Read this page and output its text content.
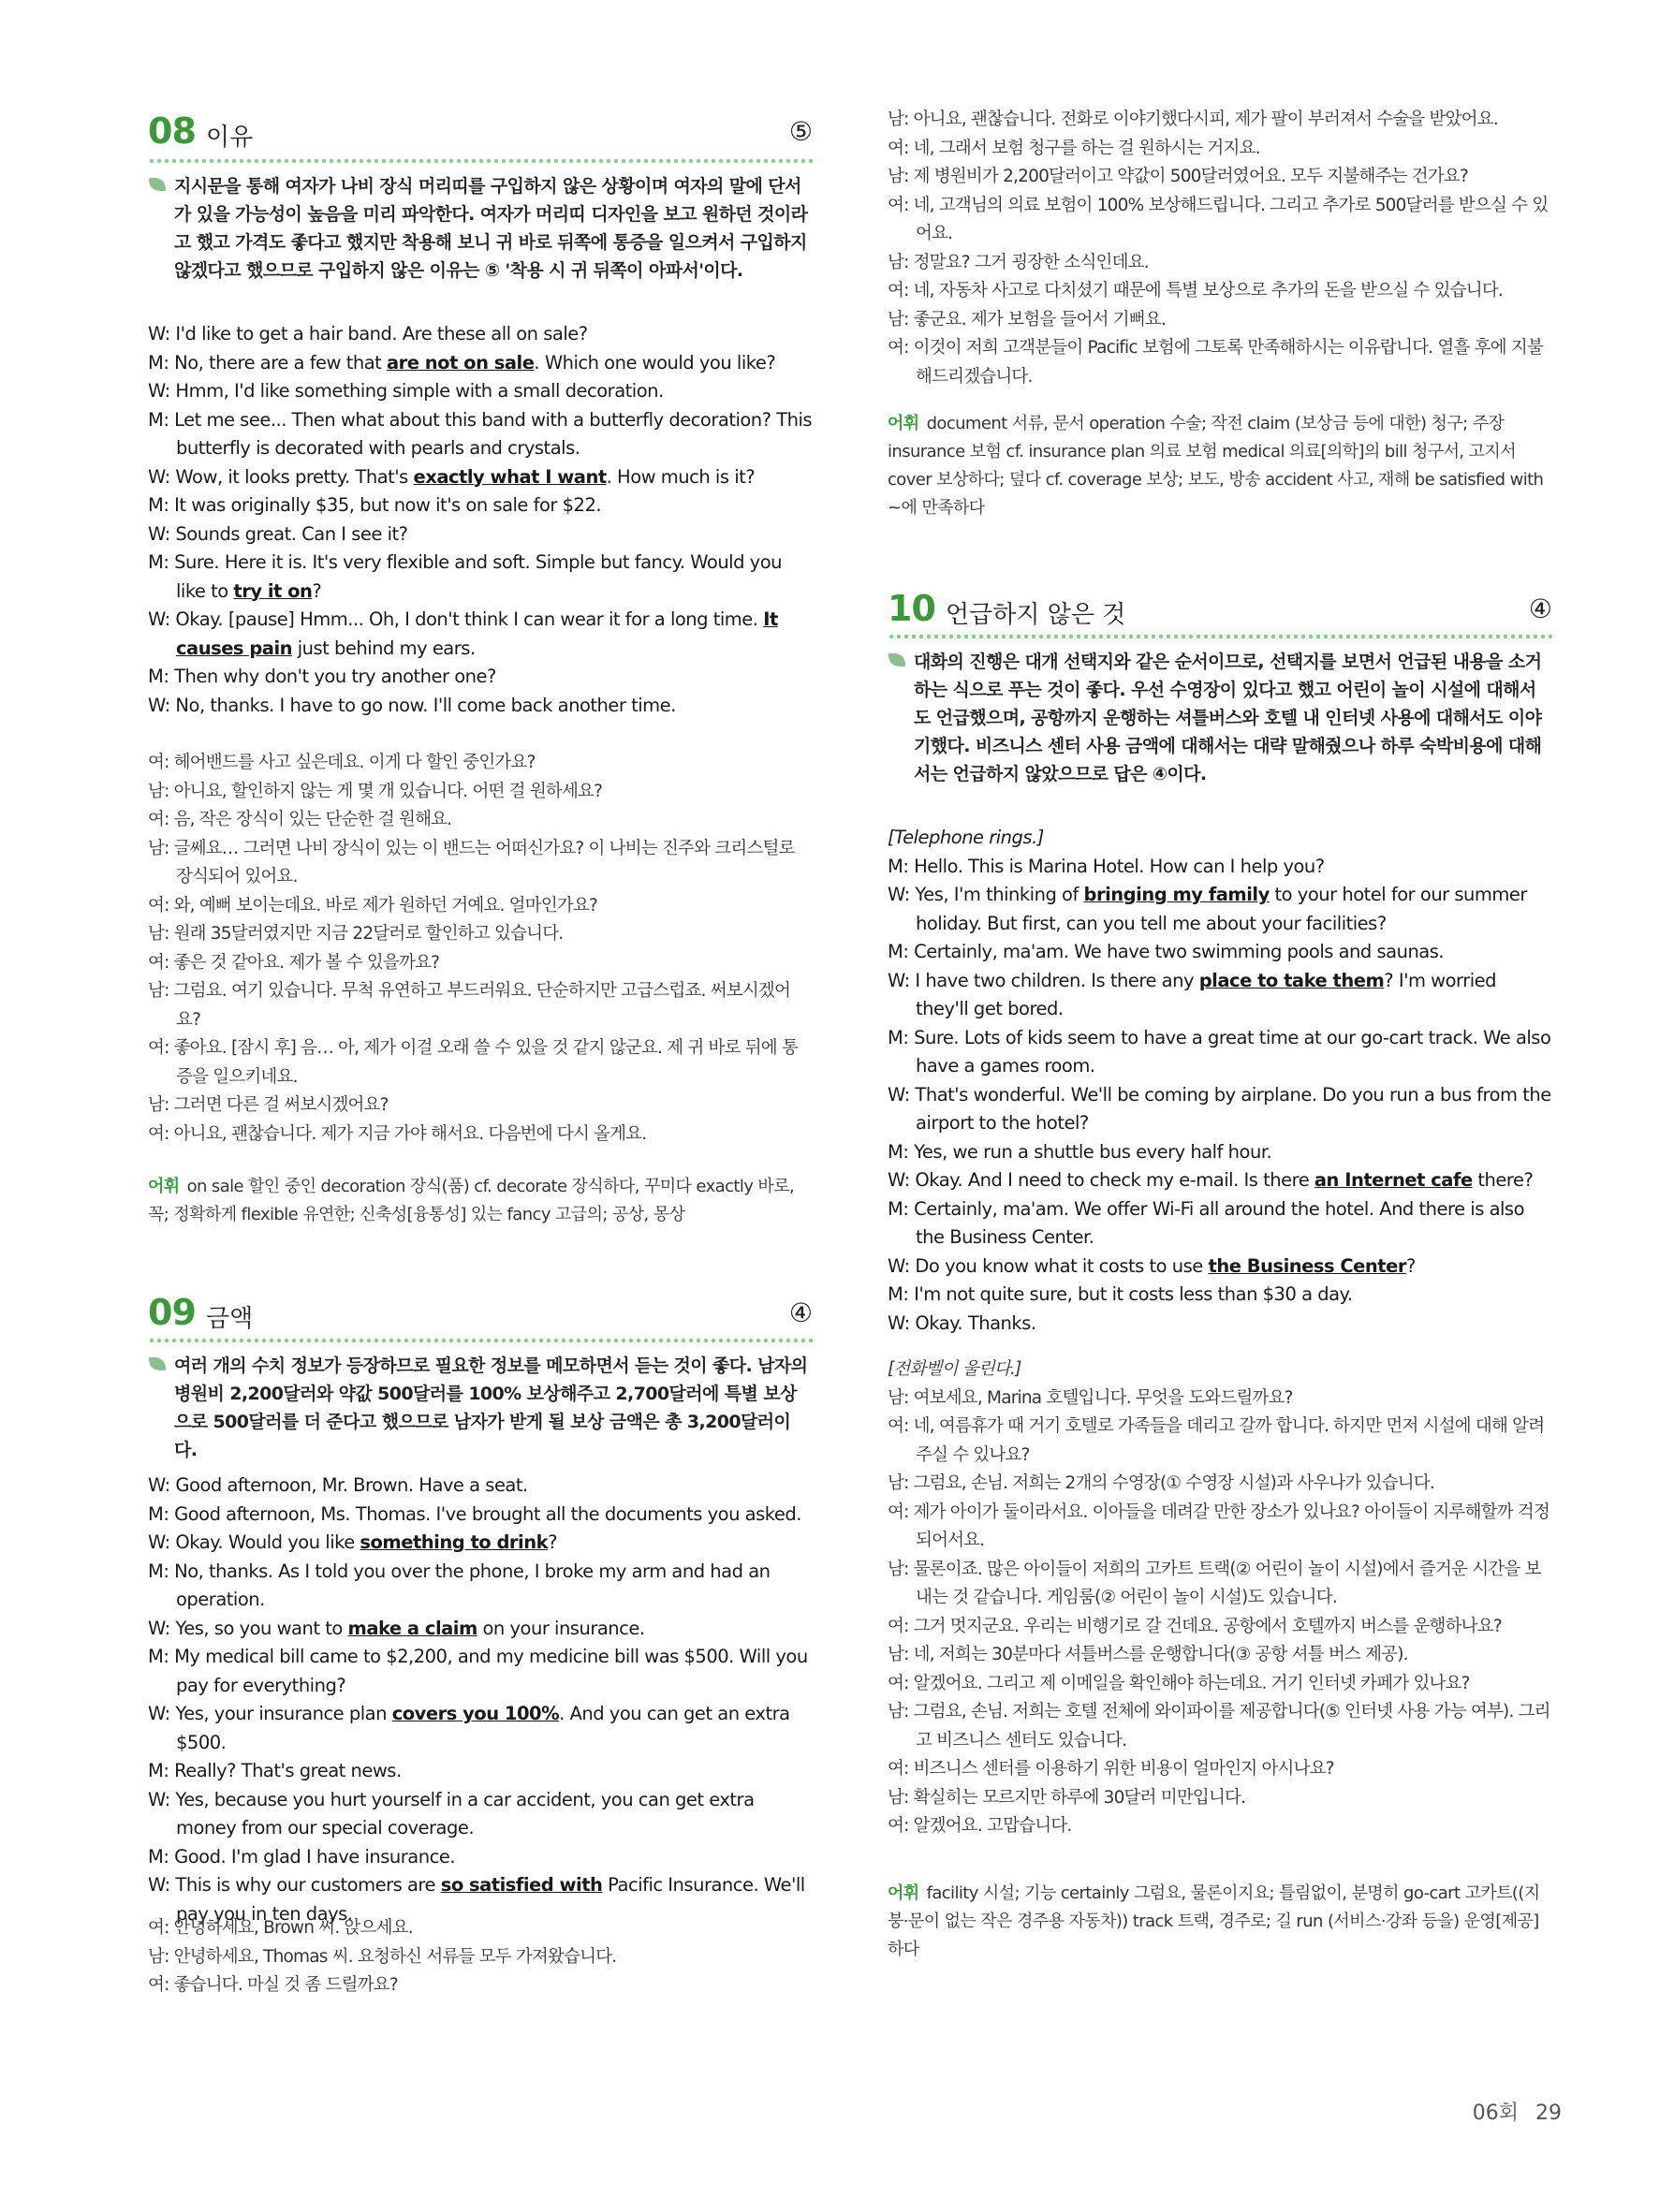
08 이유	⑤

지시문을 통해 여자가 나비 장식 머리띠를 구입하지 않은 상황이며 여자의 말에 단서가 있을 가능성이 높음을 미리 파악한다. 여자가 머리띠 디자인을 보고 원하던 것이라고 했고 가격도 좋다고 했지만 착용해 보니 귀 바로 뒤쪽에 통증을 일으켜서 구입하지 않겠다고 했으므로 구입하지 않은 이유는 ⑤ '착용 시 귀 뒤쪽이 아파서'이다.

W: I'd like to get a hair band. Are these all on sale?

M: No, there are a few that are not on sale. Which one would you like?

W: Hmm, I'd like something simple with a small decoration.

M: Let me see... Then what about this band with a butterfly decoration? This butterfly is decorated with pearls and crystals.

W: Wow, it looks pretty. That's exactly what I want. How much is it?

M: It was originally $35, but now it's on sale for $22.

W: Sounds great. Can I see it?

M: Sure. Here it is. It's very flexible and soft. Simple but fancy. Would you like to try it on?

W: Okay. [pause] Hmm... Oh, I don't think I can wear it for a long time. It causes pain just behind my ears.

M: Then why don't you try another one?

W: No, thanks. I have to go now. I'll come back another time.

여: 헤어밴드를 사고 싶은데요. 이게 다 할인 중인가요?

남: 아니요, 할인하지 않는 게 몇 개 있습니다. 어떤 걸 원하세요?

여: 음, 작은 장식이 있는 단순한 걸 원해요.

남: 글쎄요… 그러면 나비 장식이 있는 이 밴드는 어떠신가요? 이 나비는 진주와 크리스털로 장식되어 있어요.

여: 와, 예뻐 보이는데요. 바로 제가 원하던 거예요. 얼마인가요?

남: 원래 35달러였지만 지금 22달러로 할인하고 있습니다.

여: 좋은 것 같아요. 제가 볼 수 있을까요?

남: 그럼요. 여기 있습니다. 무척 유연하고 부드러워요. 단순하지만 고급스럽죠. 써보시겠어요?

여: 좋아요. [잠시 후] 음… 아, 제가 이걸 오래 쓸 수 있을 것 같지 않군요. 제 귀 바로 뒤에 통증을 일으키네요.

남: 그러면 다른 걸 써보시겠어요?

여: 아니요, 괜찮습니다. 제가 지금 가야 해서요. 다음번에 다시 올게요.

어휘 on sale 할인 중인 decoration 장식(품) cf. decorate 장식하다, 꾸미다 exactly 바로, 꼭; 정확하게 flexible 유연한; 신축성[융통성] 있는 fancy 고급의; 공상, 몽상
09 금액	④

여러 개의 수치 정보가 등장하므로 필요한 정보를 메모하면서 듣는 것이 좋다. 남자의 병원비 2,200달러와 약값 500달러를 100% 보상해주고 2,700달러에 특별 보상으로 500달러를 더 준다고 했으므로 남자가 받게 될 보상 금액은 총 3,200달러이다.

W: Good afternoon, Mr. Brown. Have a seat.

M: Good afternoon, Ms. Thomas. I've brought all the documents you asked.

W: Okay. Would you like something to drink?

M: No, thanks. As I told you over the phone, I broke my arm and had an operation.

W: Yes, so you want to make a claim on your insurance.

M: My medical bill came to $2,200, and my medicine bill was $500. Will you pay for everything?

W: Yes, your insurance plan covers you 100%. And you can get an extra $500.

M: Really? That's great news.

W: Yes, because you hurt yourself in a car accident, you can get extra money from our special coverage.

M: Good. I'm glad I have insurance.

W: This is why our customers are so satisfied with Pacific Insurance. We'll pay you in ten days.

여: 안녕하세요, Brown 씨. 앉으세요.

남: 안녕하세요, Thomas 씨. 요청하신 서류들 모두 가져왔습니다.

여: 좋습니다. 마실 것 좀 드릴까요?

남: 아니요, 괜찮습니다. 전화로 이야기했다시피, 제가 팔이 부러져서 수술을 받았어요.

여: 네, 그래서 보험 청구를 하는 걸 원하시는 거지요.

남: 제 병원비가 2,200달러이고 약값이 500달러였어요. 모두 지불해주는 건가요?

여: 네, 고객님의 의료 보험이 100% 보상해드립니다. 그리고 추가로 500달러를 받으실 수 있어요.

남: 정말요? 그거 굉장한 소식인데요.

여: 네, 자동차 사고로 다치셨기 때문에 특별 보상으로 추가의 돈을 받으실 수 있습니다.

남: 좋군요. 제가 보험을 들어서 기뻐요.

여: 이것이 저희 고객분들이 Pacific 보험에 그토록 만족해하시는 이유랍니다. 열흘 후에 지불해드리겠습니다.

어휘 document 서류, 문서 operation 수술; 작전 claim (보상금 등에 대한) 청구; 주장 insurance 보험 cf. insurance plan 의료 보험 medical 의료[의학]의 bill 청구서, 고지서 cover 보상하다; 덮다 cf. coverage 보상; 보도, 방송 accident 사고, 재해 be satisfied with ~에 만족하다
10 언급하지 않은 것	④

대화의 진행은 대개 선택지와 같은 순서이므로, 선택지를 보면서 언급된 내용을 소거하는 식으로 푸는 것이 좋다. 우선 수영장이 있다고 했고 어린이 놀이 시설에 대해서도 언급했으며, 공항까지 운행하는 셔틀버스와 호텔 내 인터넷 사용에 대해서도 이야기했다. 비즈니스 센터 사용 금액에 대해서는 대략 말해줬으나 하루 숙박비용에 대해서는 언급하지 않았으므로 답은 ④이다.

[Telephone rings.]

M: Hello. This is Marina Hotel. How can I help you?

W: Yes, I'm thinking of bringing my family to your hotel for our summer holiday. But first, can you tell me about your facilities?

M: Certainly, ma'am. We have two swimming pools and saunas.

W: I have two children. Is there any place to take them? I'm worried they'll get bored.

M: Sure. Lots of kids seem to have a great time at our go-cart track. We also have a games room.

W: That's wonderful. We'll be coming by airplane. Do you run a bus from the airport to the hotel?

M: Yes, we run a shuttle bus every half hour.

W: Okay. And I need to check my e-mail. Is there an Internet cafe there?

M: Certainly, ma'am. We offer Wi-Fi all around the hotel. And there is also the Business Center.

W: Do you know what it costs to use the Business Center?

M: I'm not quite sure, but it costs less than $30 a day.

W: Okay. Thanks.

[전화벨이 울린다.]

남: 여보세요, Marina 호텔입니다. 무엇을 도와드릴까요?

여: 네, 여름휴가 때 거기 호텔로 가족들을 데리고 갈까 합니다. 하지만 먼저 시설에 대해 알려주실 수 있나요?

남: 그럼요, 손님. 저희는 2개의 수영장(① 수영장 시설)과 사우나가 있습니다.

여: 제가 아이가 둘이라서요. 이아들을 데려갈 만한 장소가 있나요? 아이들이 지루해할까 걱정되어서요.

남: 물론이죠. 많은 아이들이 저희의 고카트 트랙(② 어린이 놀이 시설)에서 즐거운 시간을 보내는 것 같습니다. 게임룸(② 어린이 놀이 시설)도 있습니다.

여: 그거 멋지군요. 우리는 비행기로 갈 건데요. 공항에서 호텔까지 버스를 운행하나요?

남: 네, 저희는 30분마다 셔틀버스를 운행합니다(③ 공항 셔틀 버스 제공).

여: 알겠어요. 그리고 제 이메일을 확인해야 하는데요. 거기 인터넷 카페가 있나요?

남: 그럼요, 손님. 저희는 호텔 전체에 와이파이를 제공합니다(⑤ 인터넷 사용 가능 여부). 그리고 비즈니스 센터도 있습니다.

여: 비즈니스 센터를 이용하기 위한 비용이 얼마인지 아시나요?

남: 확실히는 모르지만 하루에 30달러 미만입니다.

여: 알겠어요. 고맙습니다.

어휘 facility 시설; 기능 certainly 그럼요, 물론이지요; 틀림없이, 분명히 go-cart 고카트((지붕·문이 없는 작은 경주용 자동차)) track 트랙, 경주로; 길 run (서비스·강좌 등을) 운영[제공]하다
06회 29
